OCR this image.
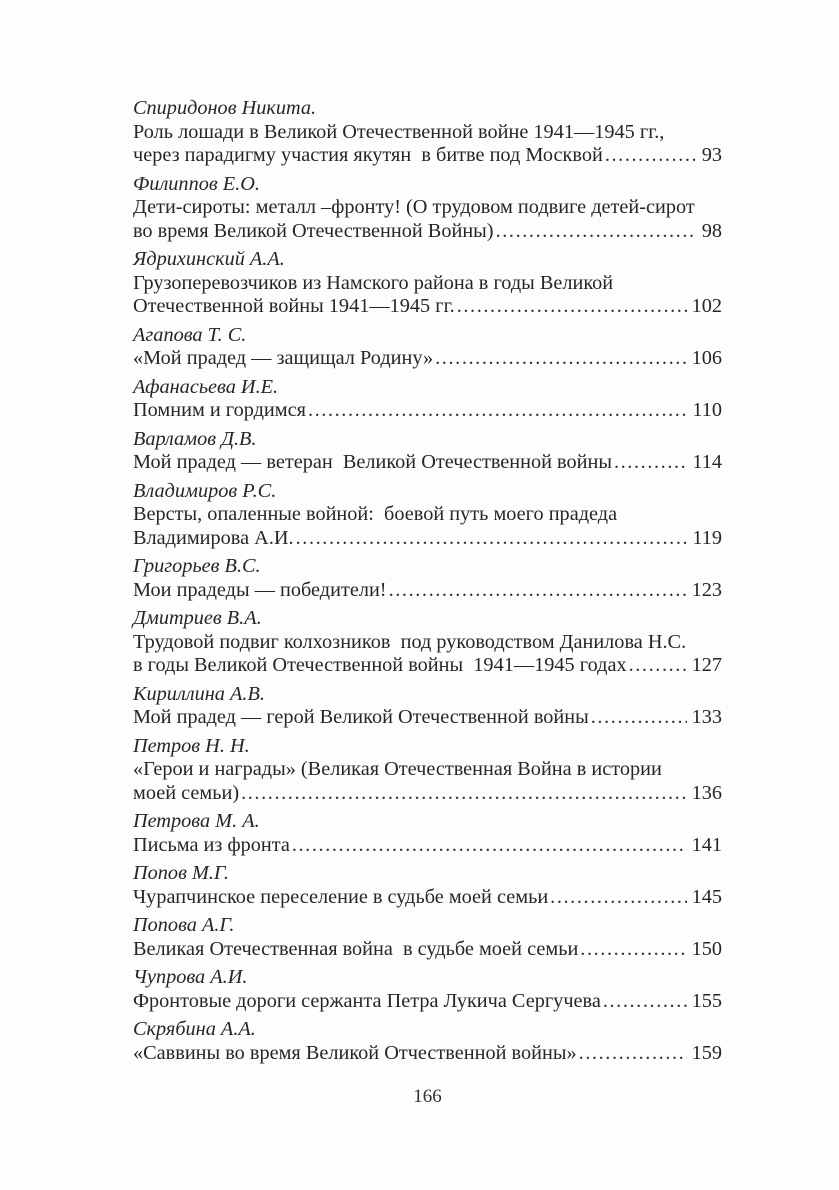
Спиридонов Никита.
Роль лошади в Великой Отечественной войне 1941—1945 гг.,
через парадигму участия якутян  в битве под Москвой .....	93
Филиппов Е.О.
Дети-сироты: металл –фронту! (О трудовом подвиге детей-сирот
во время Великой Отечественной Войны) .....	98
Ядрихинский А.А.
Грузоперевозчиков из Намского района в годы Великой
Отечественной войны 1941—1945 гг. .....	102
Агапова Т. С.
«Мой прадед — защищал Родину» .....	106
Афанасьева И.Е.
Помним и гордимся .....	110
Варламов Д.В.
Мой прадед — ветеран  Великой Отечественной войны .....	114
Владимиров Р.С.
Версты, опаленные войной:  боевой путь моего прадеда
Владимирова А.И. .....	119
Григорьев В.С.
Мои прадеды — победители! .....	123
Дмитриев В.А.
Трудовой подвиг колхозников  под руководством Данилова Н.С.
в годы Великой Отечественной войны  1941—1945 годах .....	127
Кириллина А.В.
Мой прадед — герой Великой Отечественной войны .....	133
Петров Н. Н.
«Герои и награды» (Великая Отечественная Война в истории
моей семьи) .....	136
Петрова М. А.
Письма из фронта .....	141
Попов М.Г.
Чурапчинское переселение в судьбе моей семьи .....	145
Попова А.Г.
Великая Отечественная война  в судьбе моей семьи .....	150
Чупрова А.И.
Фронтовые дороги сержанта Петра Лукича Сергучева .....	155
Скрябина А.А.
«Саввины во время Великой Отчественной войны» .....	159
166
